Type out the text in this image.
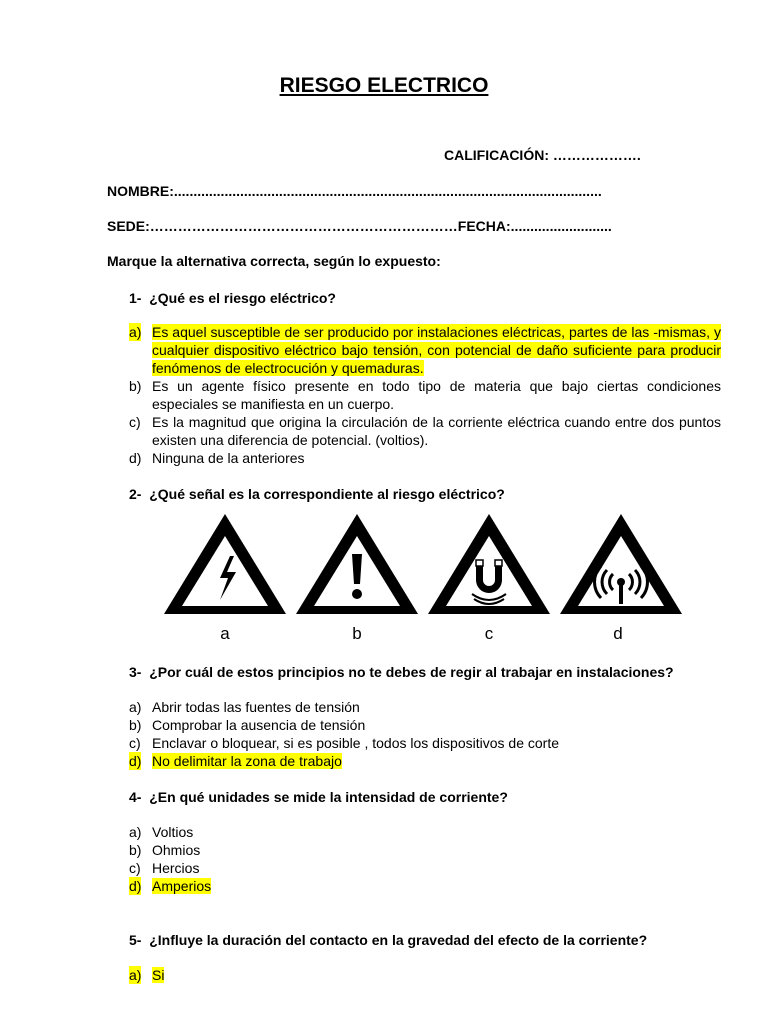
RIESGO ELECTRICO
CALIFICACIÓN: ……………….
NOMBRE:..............................................................................................................
SEDE:…………………………………………………………FECHA:..........................
Marque la alternativa correcta, según lo expuesto:
1- ¿Qué es el riesgo eléctrico?
a) Es aquel susceptible de ser producido por instalaciones eléctricas, partes de las -mismas, y cualquier dispositivo eléctrico bajo tensión, con potencial de daño suficiente para producir fenómenos de electrocución y quemaduras.
b) Es un agente físico presente en todo tipo de materia que bajo ciertas condiciones especiales se manifiesta en un cuerpo.
c) Es la magnitud que origina la circulación de la corriente eléctrica cuando entre dos puntos existen una diferencia de potencial. (voltios).
d) Ninguna de la anteriores
2- ¿Qué señal es la correspondiente al riesgo eléctrico?
a	b	c	d
3- ¿Por cuál de estos principios no te debes de regir al trabajar en instalaciones?
a) Abrir todas las fuentes de tensión
b) Comprobar la ausencia de tensión
c) Enclavar o bloquear, si es posible , todos los dispositivos de corte
d) No delimitar la zona de trabajo
4- ¿En qué unidades se mide la intensidad de corriente?
a) Voltios
b) Ohmios
c) Hercios
d) Amperios
5- ¿Influye la duración del contacto en la gravedad del efecto de la corriente?
a) Si
